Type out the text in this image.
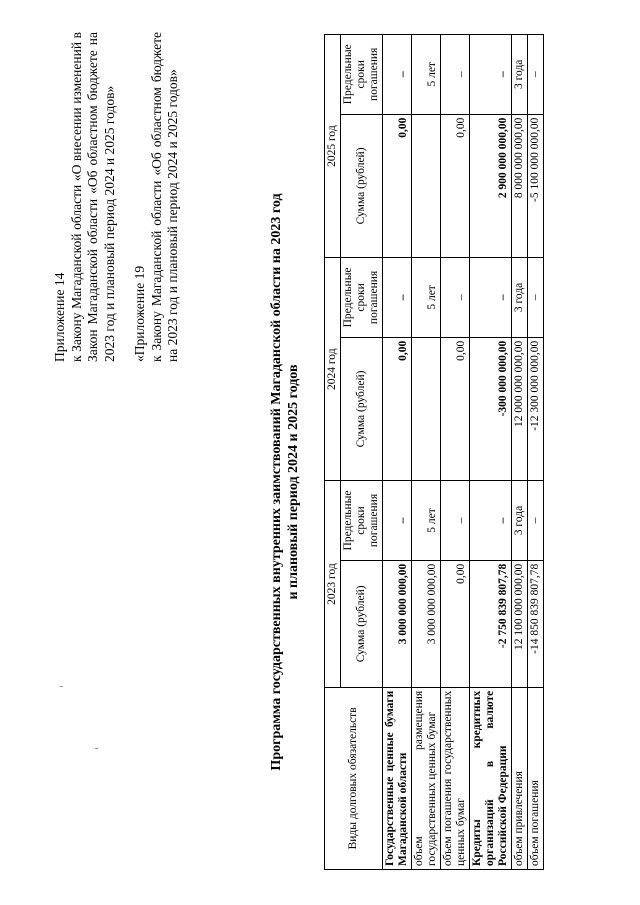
Приложение 14 к Закону Магаданской области «О внесении изменений в Закон Магаданской области «Об областном бюджете на 2023 год и плановый период 2024 и 2025 годов» «Приложение 19 к Закону Магаданской области «Об областном бюджете на 2023 год и плановый период 2024 и 2025 годов»	Программа государственных внутренних заимствований Магаданской области на 2023 год и плановый период 2024 и 2025 годов
Виды долговых обязательств	2023 год		2024 год		2025 год	
	Сумма (рублей)	Предельные сроки погашения	Сумма (рублей)	Предельные сроки погашения	Сумма (рублей)	Предельные сроки погашения
Государственные ценные бумаги Магаданской области	3 000 000 000,00	–	0,00	–	0,00	–
объем размещения государственных ценных бумаг	3 000 000 000,00	5 лет		5 лет		5 лет
объем погашения государственных ценных бумаг	0,00	–	0,00	–	0,00	–
Кредиты кредитных организаций в валюте Российской Федерации	-2 750 839 807,78	–	-300 000 000,00	–	2 900 000 000,00	–
объем привлечения	12 100 000 000,00	3 года	12 000 000 000,00	3 года	8 000 000 000,00	3 года
объем погашения	-14 850 839 807,78	–	-12 300 000 000,00	–	-5 100 000 000,00	–
